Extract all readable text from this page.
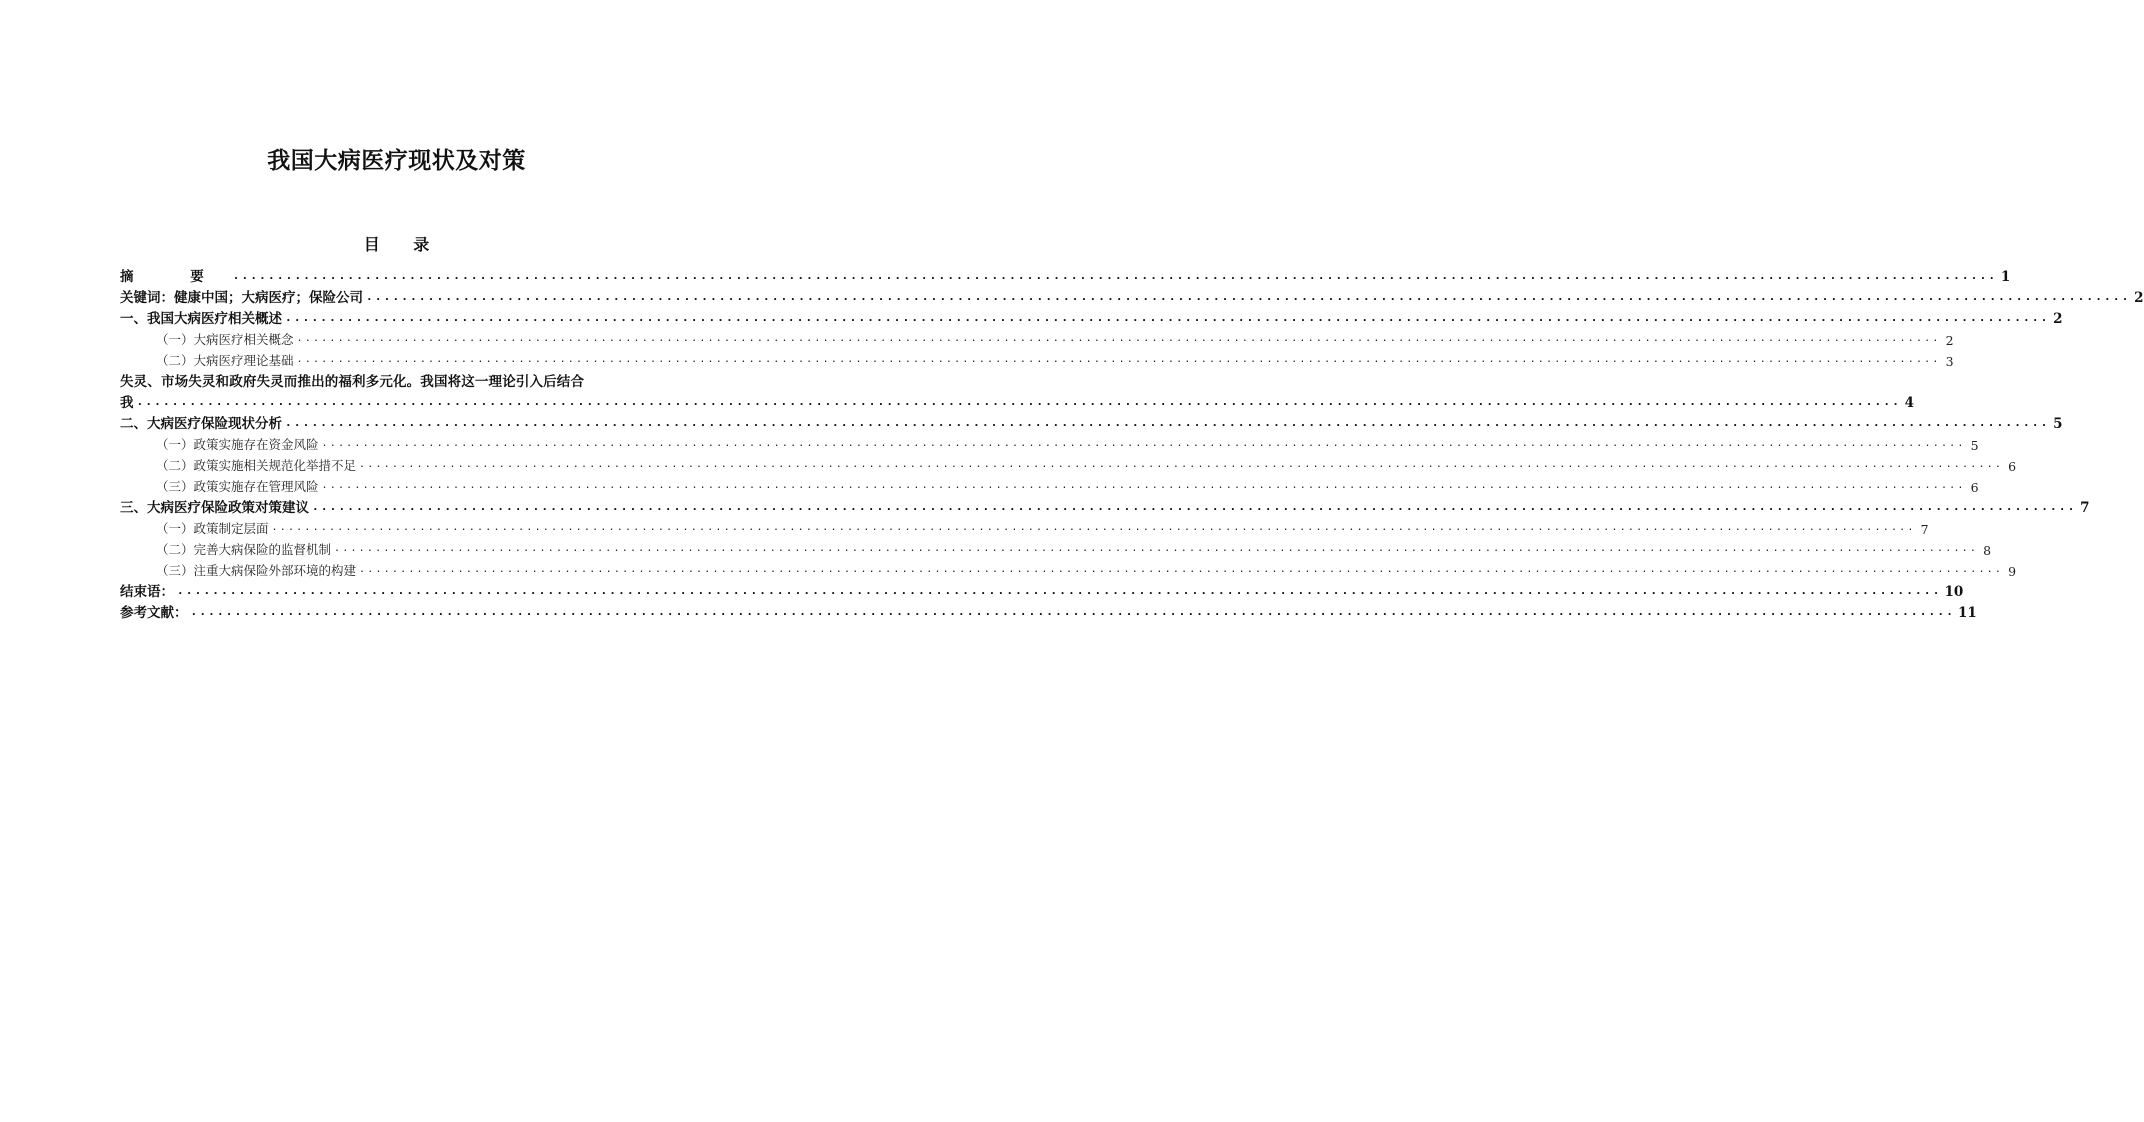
我国大病医疗现状及对策
目 录
摘 要 ........................................................................................................................................................................................................ 1
关键词：健康中国；大病医疗；保险公司 ........................................................................................................................................................................................................ 2
一、我国大病医疗相关概述 ........................................................................................................................................................................................................ 2
（一）大病医疗相关概念 ........................................................................................................................................................................................................ 2
（二）大病医疗理论基础 ........................................................................................................................................................................................................ 3
失灵、市场失灵和政府失灵而推出的福利多元化。我国将这一理论引入后结合
我 ........................................................................................................................................................................................................ 4
二、大病医疗保险现状分析 ........................................................................................................................................................................................................ 5
（一）政策实施存在资金风险 ........................................................................................................................................................................................................ 5
（二）政策实施相关规范化举措不足 ........................................................................................................................................................................................................ 6
（三）政策实施存在管理风险 ........................................................................................................................................................................................................ 6
三、大病医疗保险政策对策建议 ........................................................................................................................................................................................................ 7
（一）政策制定层面 ........................................................................................................................................................................................................ 7
（二）完善大病保险的监督机制 ........................................................................................................................................................................................................ 8
（三）注重大病保险外部环境的构建 ........................................................................................................................................................................................................ 9
结束语： ........................................................................................................................................................................................................ 10
参考文献： ........................................................................................................................................................................................................ 11
